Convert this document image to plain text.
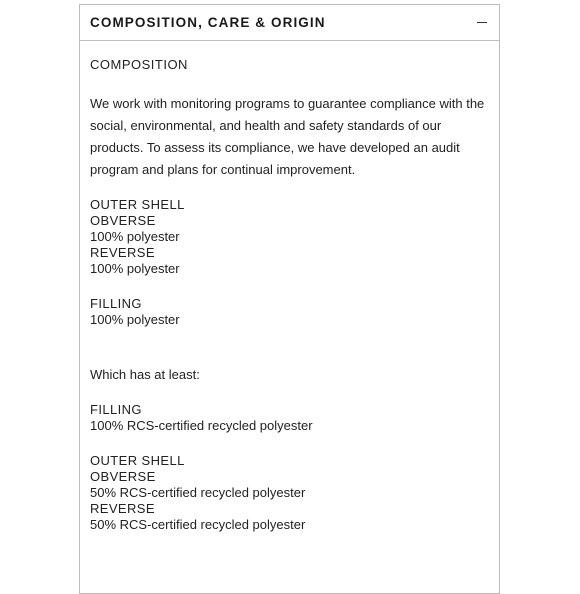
COMPOSITION, CARE & ORIGIN
COMPOSITION

We work with monitoring programs to guarantee compliance with the social, environmental, and health and safety standards of our products. To assess its compliance, we have developed an audit program and plans for continual improvement.

OUTER SHELL
OBVERSE
100% polyester
REVERSE
100% polyester
FILLING
100% polyester
Which has at least:
FILLING
100% RCS-certified recycled polyester
OUTER SHELL
OBVERSE
50% RCS-certified recycled polyester
REVERSE
50% RCS-certified recycled polyester
